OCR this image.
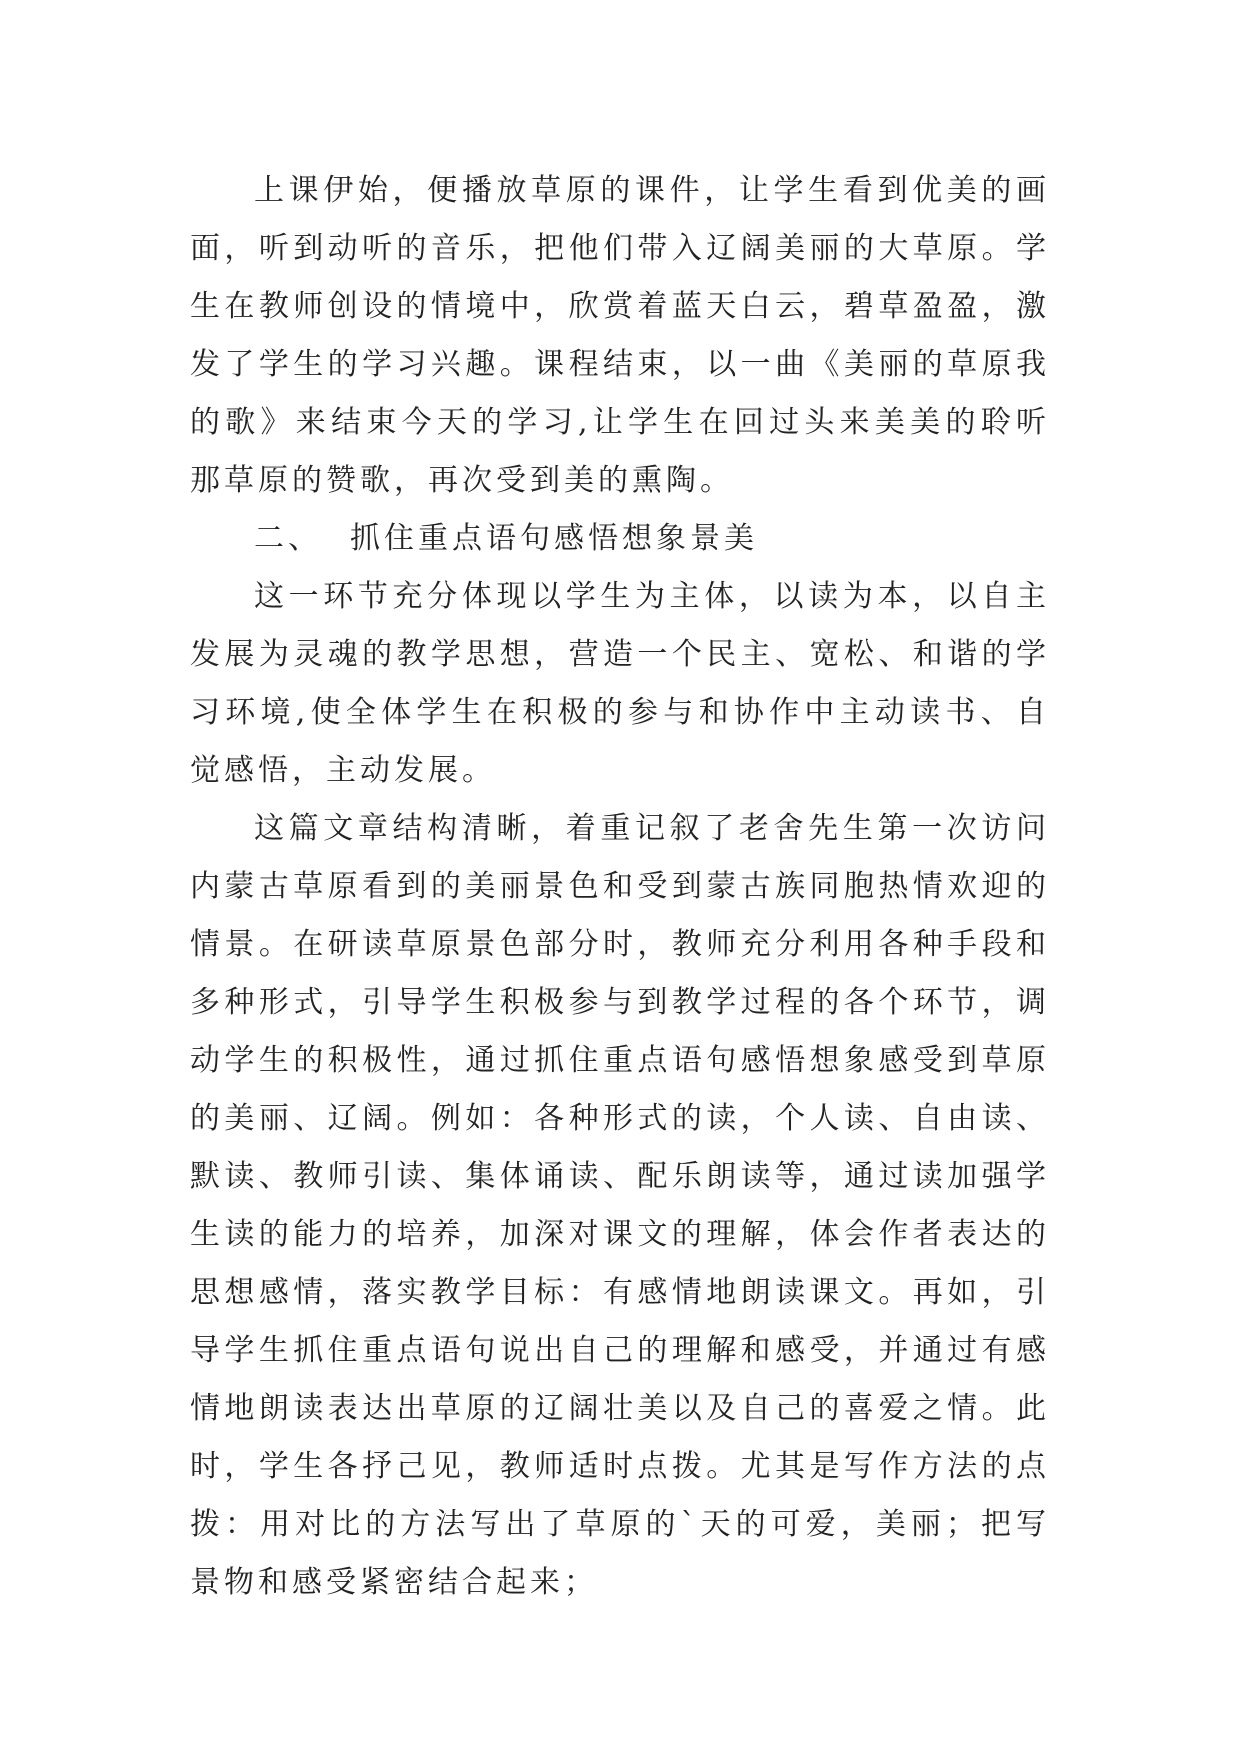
上课伊始，便播放草原的课件，让学生看到优美的画面，听到动听的音乐，把他们带入辽阔美丽的大草原。学生在教师创设的情境中，欣赏着蓝天白云，碧草盈盈，激发了学生的学习兴趣。课程结束，以一曲《美丽的草原我的歌》来结束今天的学习,让学生在回过头来美美的聆听那草原的赞歌，再次受到美的熏陶。

二、 抓住重点语句感悟想象景美

这一环节充分体现以学生为主体，以读为本，以自主发展为灵魂的教学思想，营造一个民主、宽松、和谐的学习环境,使全体学生在积极的参与和协作中主动读书、自觉感悟，主动发展。

这篇文章结构清晰，着重记叙了老舍先生第一次访问内蒙古草原看到的美丽景色和受到蒙古族同胞热情欢迎的情景。在研读草原景色部分时，教师充分利用各种手段和多种形式，引导学生积极参与到教学过程的各个环节，调动学生的积极性，通过抓住重点语句感悟想象感受到草原的美丽、辽阔。例如：各种形式的读，个人读、自由读、默读、教师引读、集体诵读、配乐朗读等，通过读加强学生读的能力的培养，加深对课文的理解，体会作者表达的思想感情，落实教学目标：有感情地朗读课文。再如，引导学生抓住重点语句说出自己的理解和感受，并通过有感情地朗读表达出草原的辽阔壮美以及自己的喜爱之情。此时，学生各抒己见，教师适时点拨。尤其是写作方法的点拨：用对比的方法写出了草原的`天的可爱，美丽；把写景物和感受紧密结合起来；
